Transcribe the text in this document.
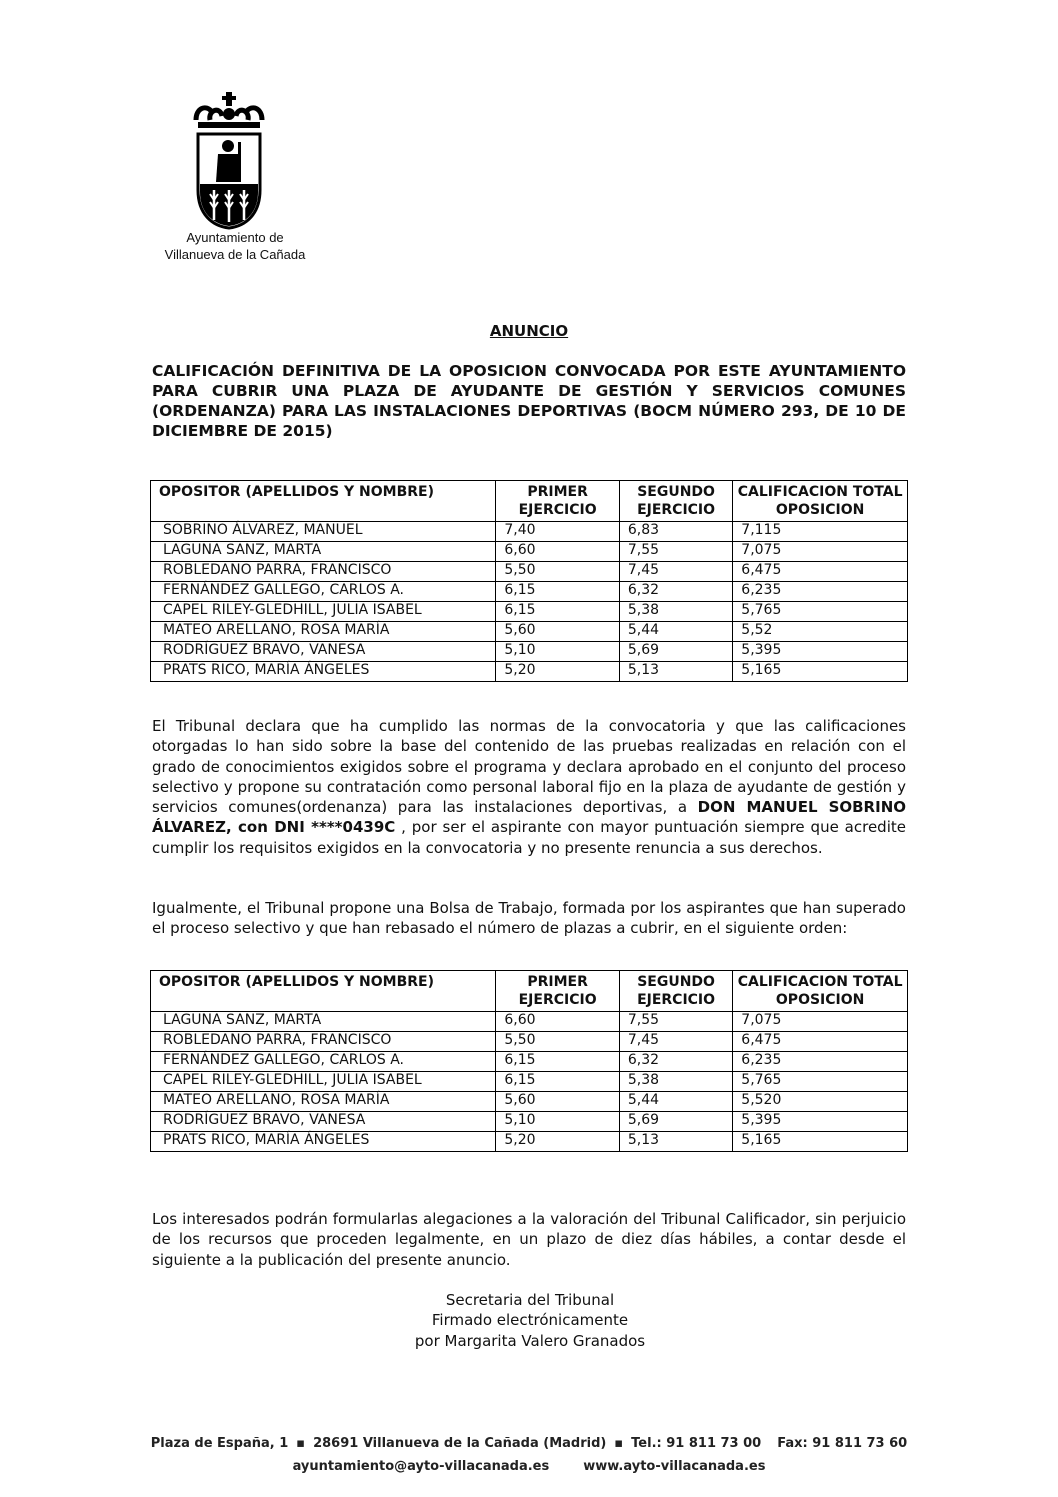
Ayuntamiento de
Villanueva de la Cañada
ANUNCIO
CALIFICACIÓN DEFINITIVA DE LA OPOSICION CONVOCADA POR ESTE AYUNTAMIENTO PARA CUBRIR UNA PLAZA DE AYUDANTE DE GESTIÓN Y SERVICIOS COMUNES (ORDENANZA) PARA LAS INSTALACIONES DEPORTIVAS (BOCM NÚMERO 293, DE 10 DE DICIEMBRE DE 2015)
OPOSITOR (APELLIDOS Y NOMBRE)	PRIMER EJERCICIO	SEGUNDO EJERCICIO	CALIFICACION TOTAL OPOSICION
SOBRINO ÁLVAREZ, MANUEL	7,40	6,83	7,115
LAGUNA SANZ, MARTA	6,60	7,55	7,075
ROBLEDANO PARRA, FRANCISCO	5,50	7,45	6,475
FERNÁNDEZ GALLEGO, CARLOS A.	6,15	6,32	6,235
CAPEL RILEY-GLEDHILL, JULIA ISABEL	6,15	5,38	5,765
MATEO ARELLANO, ROSA MARÍA	5,60	5,44	5,52
RODRÍGUEZ BRAVO, VANESA	5,10	5,69	5,395
PRATS RICO, MARÍA ÁNGELES	5,20	5,13	5,165
El Tribunal declara que ha cumplido las normas de la convocatoria y que las calificaciones otorgadas lo han sido sobre la base del contenido de las pruebas realizadas en relación con el grado de conocimientos exigidos sobre el programa y declara aprobado en el conjunto del proceso selectivo y propone su contratación como personal laboral fijo en la plaza de ayudante de gestión y servicios comunes(ordenanza) para las instalaciones deportivas, a DON MANUEL SOBRINO ÁLVAREZ, con DNI ****0439C , por ser el aspirante con mayor puntuación siempre que acredite cumplir los requisitos exigidos en la convocatoria y no presente renuncia a sus derechos.
Igualmente, el Tribunal propone una Bolsa de Trabajo, formada por los aspirantes que han superado el proceso selectivo y que han rebasado el número de plazas a cubrir, en el siguiente orden:
OPOSITOR (APELLIDOS Y NOMBRE)	PRIMER EJERCICIO	SEGUNDO EJERCICIO	CALIFICACION TOTAL OPOSICION
LAGUNA SANZ, MARTA	6,60	7,55	7,075
ROBLEDANO PARRA, FRANCISCO	5,50	7,45	6,475
FERNÁNDEZ GALLEGO, CARLOS A.	6,15	6,32	6,235
CAPEL RILEY-GLEDHILL, JULIA ISABEL	6,15	5,38	5,765
MATEO ARELLANO, ROSA MARÍA	5,60	5,44	5,520
RODRÍGUEZ BRAVO, VANESA	5,10	5,69	5,395
PRATS RICO, MARÍA ÁNGELES	5,20	5,13	5,165
Los interesados podrán formularlas alegaciones a la valoración del Tribunal Calificador, sin perjuicio de los recursos que proceden legalmente, en un plazo de diez días hábiles, a contar desde el siguiente a la publicación del presente anuncio.
Secretaria del Tribunal
Firmado electrónicamente
por Margarita Valero Granados
Plaza de España, 1 ▪ 28691 Villanueva de la Cañada (Madrid) ▪ Tel.: 91 811 73 00 Fax: 91 811 73 60
ayuntamiento@ayto-villacanada.es	www.ayto-villacanada.es
